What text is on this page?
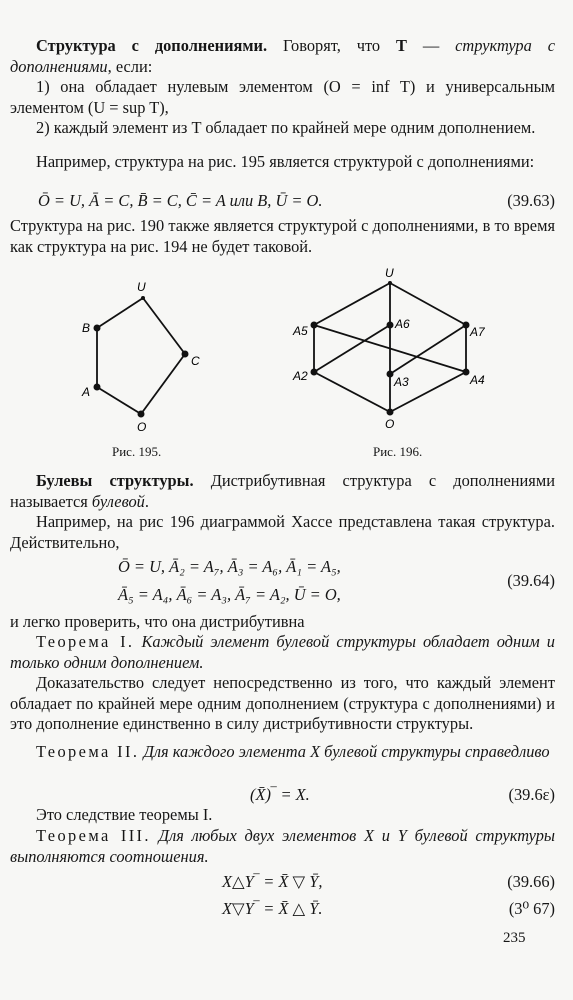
Структура с дополнениями. Говорят, что Т — структура с дополнениями, если:

1) она обладает нулевым элементом (O = inf T) и универсальным элементом (U = sup T),

2) каждый элемент из T обладает по крайней мере одним дополнением.

Например, структура на рис. 195 является структурой с дополнениями:

Ō = U, Ā = C, B̄ = C, C̄ = A или B, Ū = O.	(39.63)

Структура на рис. 190 также является структурой с дополнениями, в то время как структура на рис. 194 не будет таковой.

U
B
C
A
O
U
A5	A6
A7
A2	A3	A4
O
Рис. 195.	Рис. 196.

Булевы структуры. Дистрибутивная структура с дополнениями называется булевой.

Например, на рис 196 диаграммой Хассе представлена такая структура. Действительно,

Ō = U, Ā₂ = A₇, Ā₃ = A₆, Ā₁ = A₅,
Ā₅ = A₄, Ā₆ = A₃, Ā₇ = A₂, Ū = O,
(39.64)

и легко проверить, что она дистрибутивна

Теорема I. Каждый элемент булевой структуры обладает одним и только одним дополнением.

Доказательство следует непосредственно из того, что каждый элемент обладает по крайней мере одним дополнением (структура с дополнениями) и это дополнение единственно в силу дистрибутивности структуры.

Теорема II. Для каждого элемента X булевой структуры справедливо

(X̄)‾ = X.	(39.6ɛ)

Это следствие теоремы I.

Теорема III. Для любых двух элементов X и Y булевой структуры выполняются соотношения.

X△Y‾ = X̄ ▽ Ȳ,	(39.66)
X▽Y‾ = X̄ △ Ȳ.	(3⁰ 67)
235
